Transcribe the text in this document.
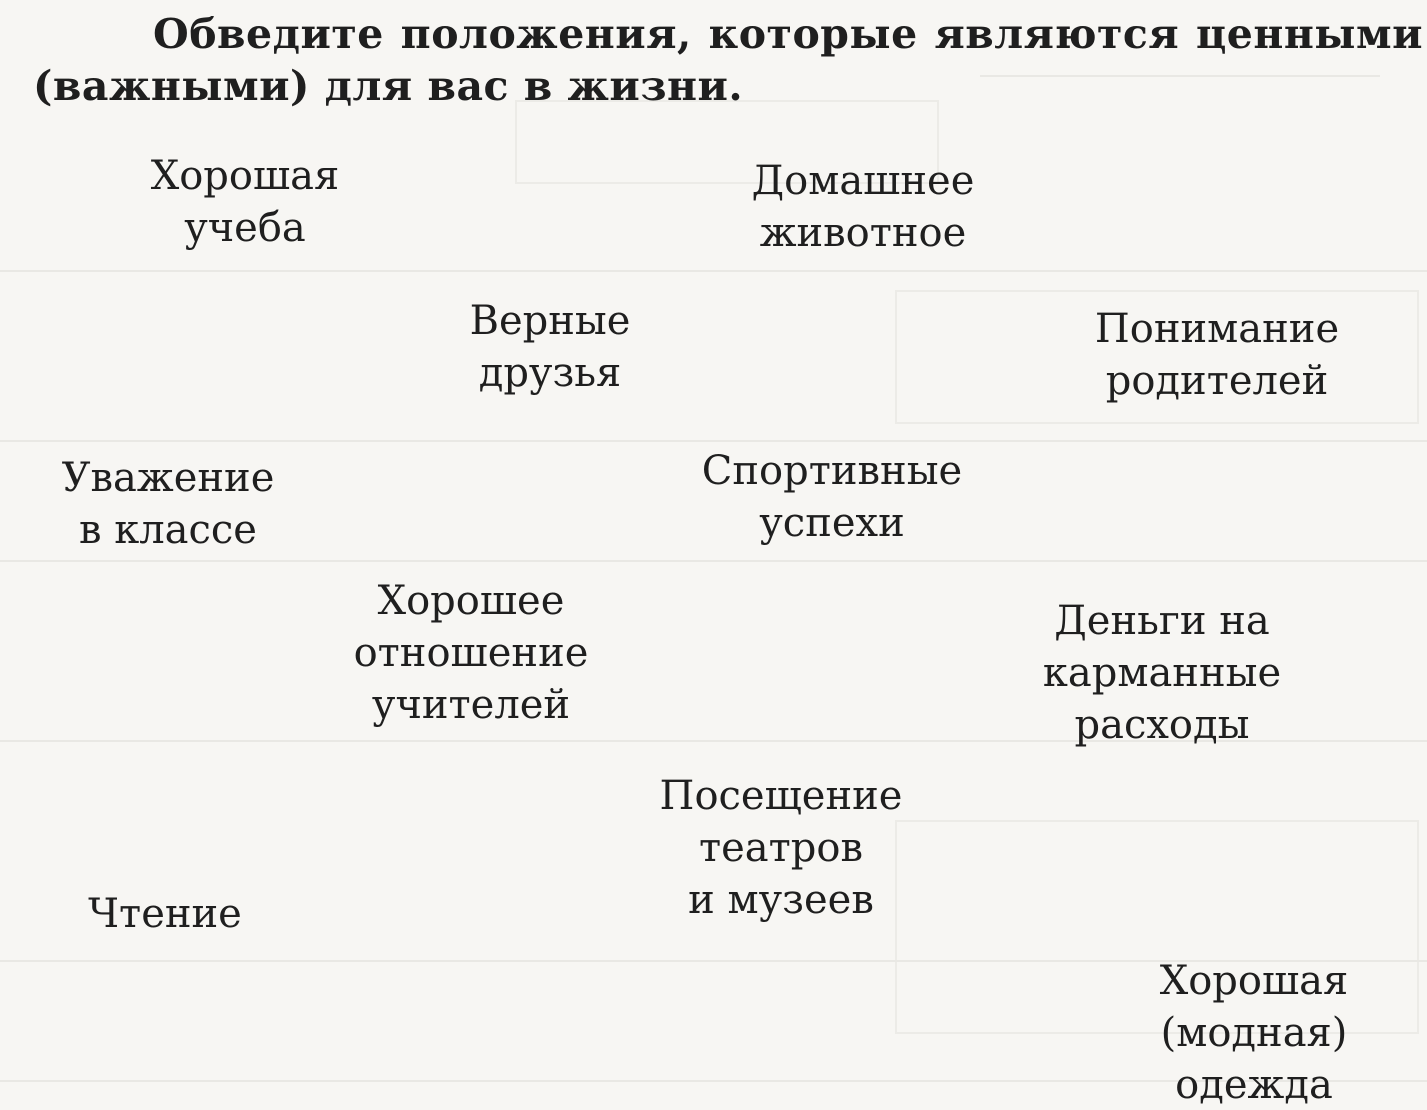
Обведите положения, которые являются ценными (важными) для вас в жизни.

Хорошая
учеба
Домашнее
животное
Верные
друзья
Понимание
родителей
Уважение
в классе
Спортивные
успехи
Хорошее
отношение
учителей
Деньги на
карманные
расходы
Посещение
театров
и музеев
Чтение
Хорошая
(модная)
одежда
